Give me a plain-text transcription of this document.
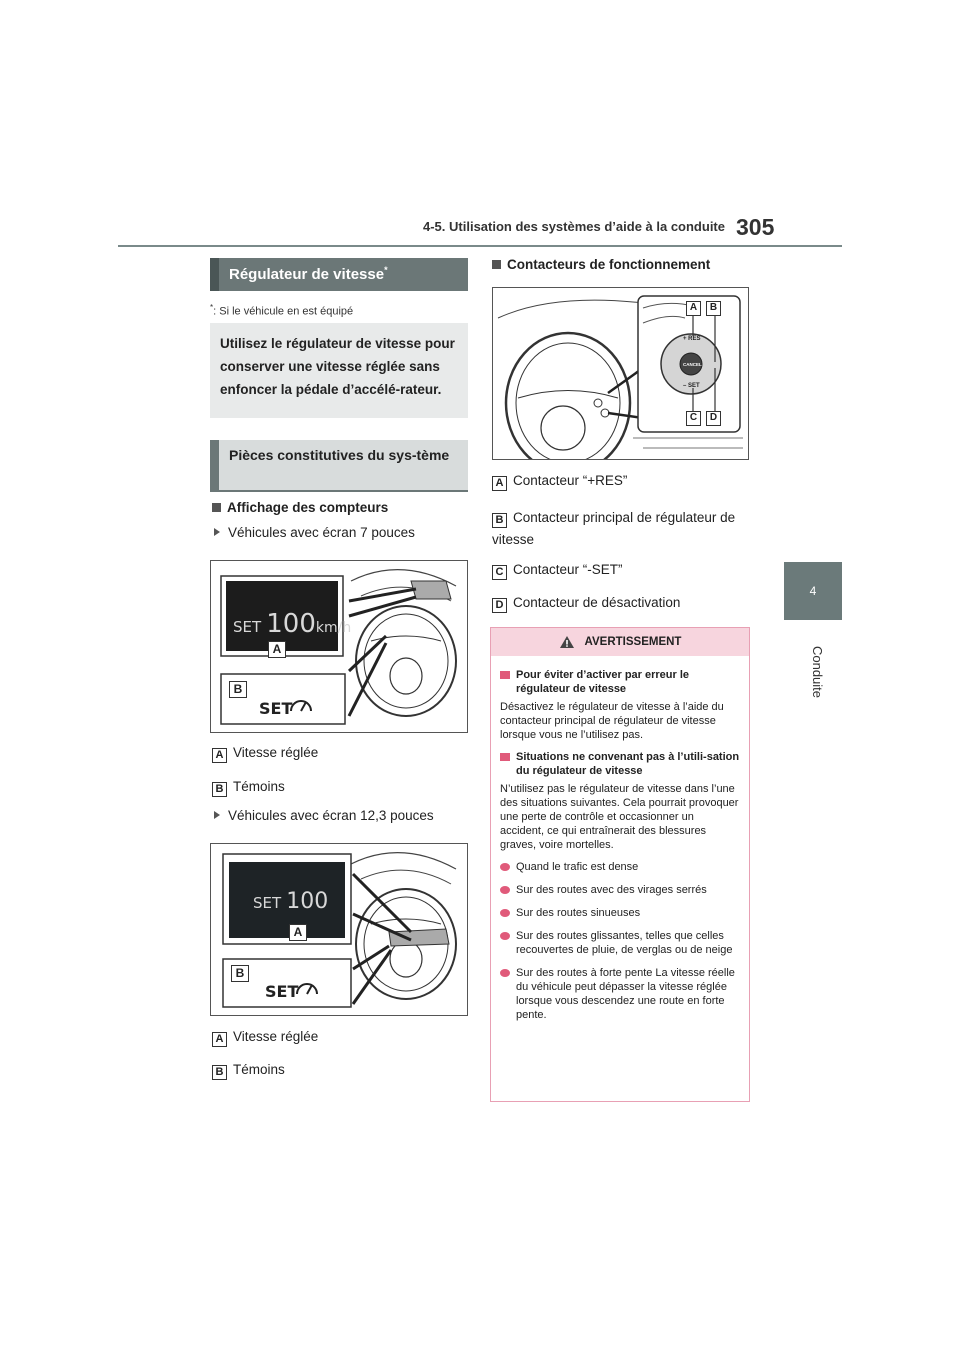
4-5. Utilisation des systèmes d’aide à la conduite 305
4
Conduite
Régulateur de vitesse*
*: Si le véhicule en est équipé
Utilisez le régulateur de vitesse pour conserver une vitesse réglée sans enfoncer la pédale d’accélé-rateur.
Pièces constitutives du sys-tème
Affichage des compteurs
Véhicules avec écran 7 pouces
SET 100km/h
A
B
SET
A Vitesse réglée
B Témoins
Véhicules avec écran 12,3 pouces
SET 100
A
B
SET
A Vitesse réglée
B Témoins
Contacteurs de fonctionnement
+ RES
CANCEL
– SET
A	B
C	D
A Contacteur “+RES”
B Contacteur principal de régulateur de vitesse
C Contacteur “-SET”
D Contacteur de désactivation
AVERTISSEMENT
Pour éviter d’activer par erreur le régulateur de vitesse

Désactivez le régulateur de vitesse à l’aide du contacteur principal de régulateur de vitesse lorsque vous ne l’utilisez pas.

Situations ne convenant pas à l’utili-sation du régulateur de vitesse

N’utilisez pas le régulateur de vitesse dans l’une des situations suivantes. Cela pourrait provoquer une perte de contrôle et occasionner un accident, ce qui entraînerait des blessures graves, voire mortelles.

Quand le trafic est dense
Sur des routes avec des virages serrés
Sur des routes sinueuses
Sur des routes glissantes, telles que celles recouvertes de pluie, de verglas ou de neige
Sur des routes à forte pente La vitesse réelle du véhicule peut dépasser la vitesse réglée lorsque vous descendez une route en forte pente.
